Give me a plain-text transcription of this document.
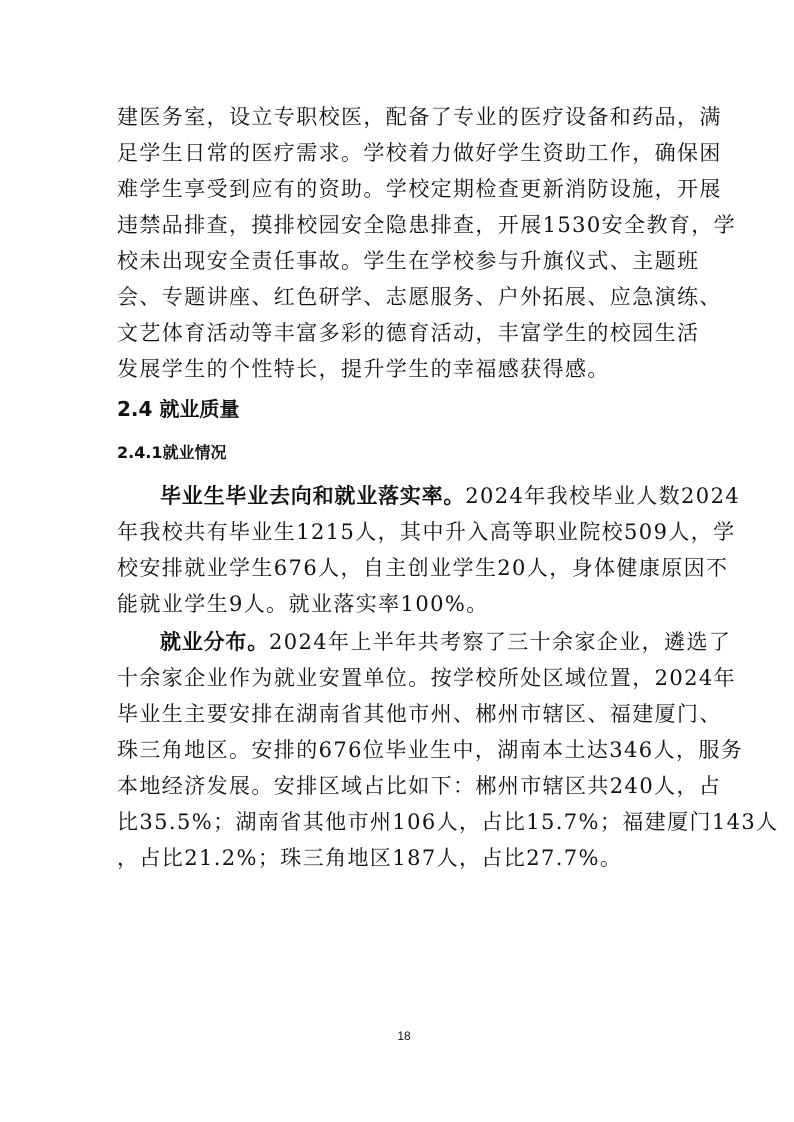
建医务室，设立专职校医，配备了专业的医疗设备和药品，满
足学生日常的医疗需求。学校着力做好学生资助工作，确保困
难学生享受到应有的资助。学校定期检查更新消防设施，开展
违禁品排查，摸排校园安全隐患排查，开展1530安全教育，学
校未出现安全责任事故。学生在学校参与升旗仪式、主题班
会、专题讲座、红色研学、志愿服务、户外拓展、应急演练、
文艺体育活动等丰富多彩的德育活动，丰富学生的校园生活
发展学生的个性特长，提升学生的幸福感获得感。
2.4 就业质量
2.4.1就业情况
毕业生毕业去向和就业落实率。2024年我校毕业人数2024
年我校共有毕业生1215人，其中升入高等职业院校509人，学
校安排就业学生676人，自主创业学生20人，身体健康原因不
能就业学生9人。就业落实率100%。
就业分布。2024年上半年共考察了三十余家企业，遴选了
十余家企业作为就业安置单位。按学校所处区域位置，2024年
毕业生主要安排在湖南省其他市州、郴州市辖区、福建厦门、
珠三角地区。安排的676位毕业生中，湖南本土达346人，服务
本地经济发展。安排区域占比如下：郴州市辖区共240人，占
比35.5%；湖南省其他市州106人，占比15.7%；福建厦门143人
，占比21.2%；珠三角地区187人，占比27.7%。
18
